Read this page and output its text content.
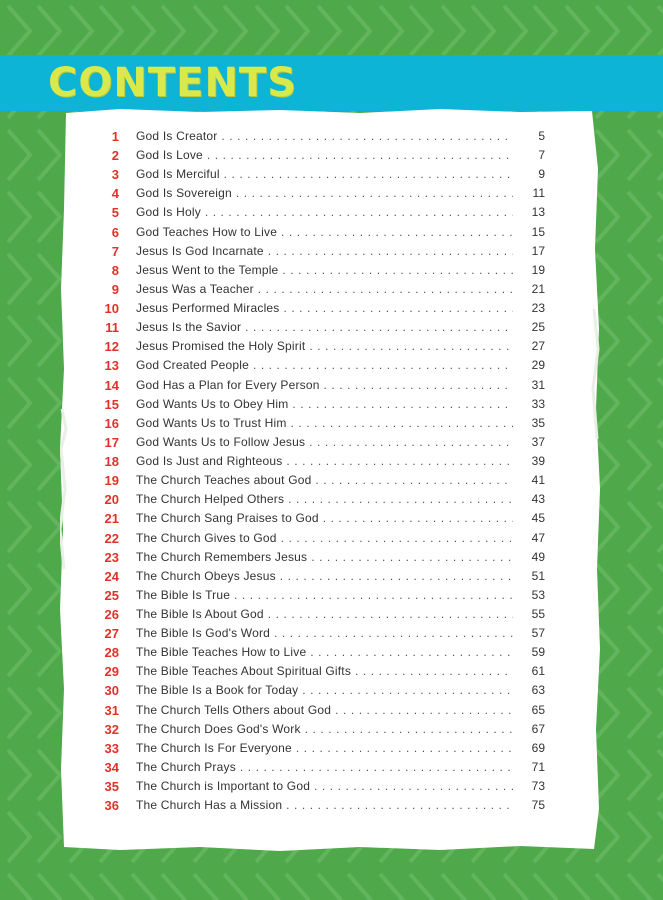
CONTENTS
1 God Is Creator . . .	5
2 God Is Love . . .	7
3 God Is Merciful . . .	9
4 God Is Sovereign . . .	11
5 God Is Holy . . .	13
6 God Teaches How to Live . . .	15
7 Jesus Is God Incarnate . . .	17
8 Jesus Went to the Temple . . .	19
9 Jesus Was a Teacher . . .	21
10 Jesus Performed Miracles . . .	23
11 Jesus Is the Savior . . .	25
12 Jesus Promised the Holy Spirit . . .	27
13 God Created People . . .	29
14 God Has a Plan for Every Person . . .	31
15 God Wants Us to Obey Him . . .	33
16 God Wants Us to Trust Him . . .	35
17 God Wants Us to Follow Jesus . . .	37
18 God Is Just and Righteous . . .	39
19 The Church Teaches about God . . .	41
20 The Church Helped Others . . .	43
21 The Church Sang Praises to God . . .	45
22 The Church Gives to God . . .	47
23 The Church Remembers Jesus . . .	49
24 The Church Obeys Jesus . . .	51
25 The Bible Is True . . .	53
26 The Bible Is About God . . .	55
27 The Bible Is God's Word . . .	57
28 The Bible Teaches How to Live . . .	59
29 The Bible Teaches About Spiritual Gifts . . .	61
30 The Bible Is a Book for Today . . .	63
31 The Church Tells Others about God . . .	65
32 The Church Does God's Work . . .	67
33 The Church Is For Everyone . . .	69
34 The Church Prays . . .	71
35 The Church is Important to God . . .	73
36 The Church Has a Mission . . .	75
